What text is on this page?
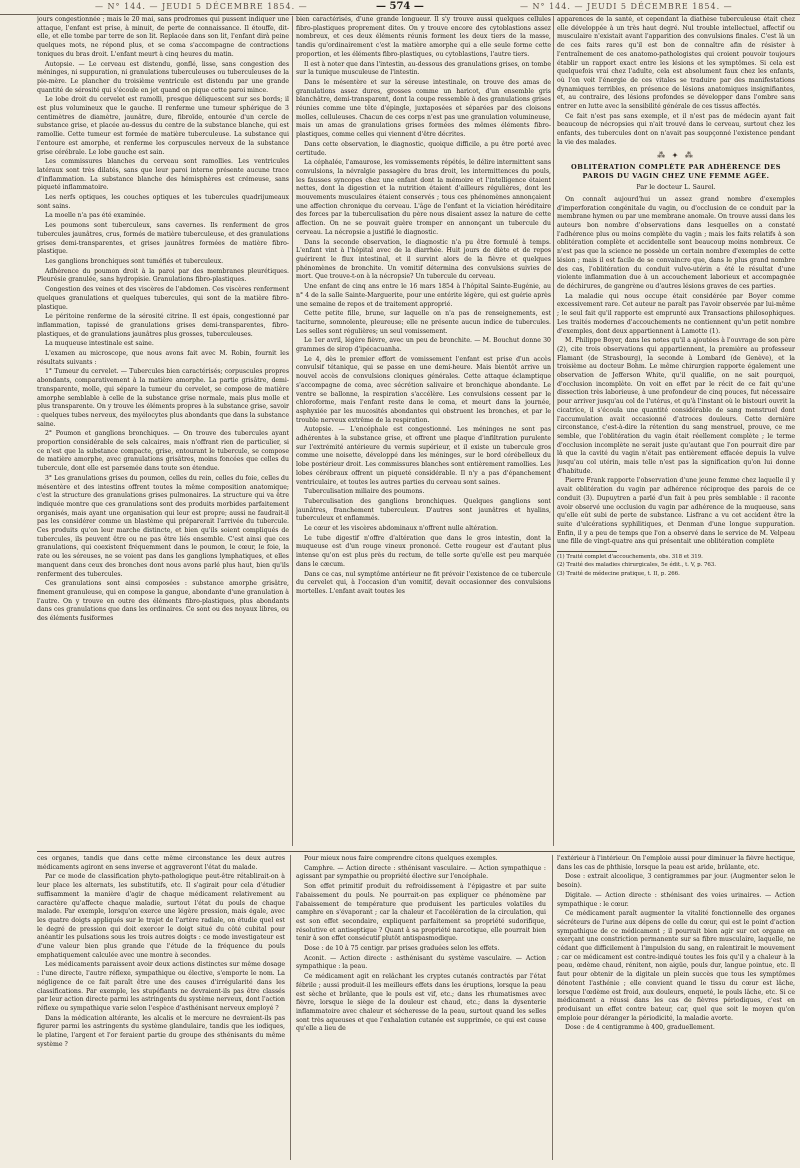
— N° 144. — JEUDI 5 DÉCEMBRE 1854. —	— 574 —	— N° 144. — JEUDI 5 DÉCEMBRE 1854. —

jours congestionnée ; mais le 20 mai, sans prodromes qui pussent indiquer une attaque, l'enfant est prise, à minuit, de perte de connaissance. Il étouffe, dit-elle, et elle tombe par terre de son lit. Replacée dans son lit, l'enfant dirà peine quelques mots, ne répond plus, et se coma s'accompagne de contractions toniques du bras droit. L'enfant meurt à cinq heures du matin.

Autopsie. — Le cerveau est distendu, gonflé, lisse, sans congestion des méninges, ni suppuration, ni granulations tuberculeuses ou tuberculeuses de la pie-mère. Le plancher du troisième ventricule est distendu par une grande quantité de sérosité qui s'écoule en jet quand on pique cette paroi mince.

Le lobe droit du cervelet est ramolli, presque déliquescent sur ses bords; il est plus volumineux que le gauche. Il renferme une tumeur sphérique de 3 centimètres de diamètre, jaunâtre, dure, fibroïde, entourée d'un cercle de substance grise, et placée au-dessus du centre de la substance blanche, qui est ramollie. Cette tumeur est formée de matière tuberculeuse. La substance qui l'entoure est amorphe, et renferme les corpuscules nerveux de la substance grise cérébrale. Le lobe gauche est sain.

Les commissures blanches du cerveau sont ramollies. Les ventricules latéraux sont très dilatés, sans que leur paroi interne présente aucune trace d'inflammation. La substance blanche des hémisphères est crémeuse, sans piqueté inflammatoire.

Les nerfs optiques, les couches optiques et les tubercules quadrijumeaux sont sains.

La moelle n'a pas été examinée.

Les poumons sont tuberculeux, sans cavernes. Ils renferment de gros tubercules jaunâtres, crus, formés de matière tuberculeuse, et des granulations grises demi-transparentes, et grises jaunâtres formées de matière fibro-plastique.

Les ganglions bronchiques sont tuméfiés et tuberculeux.

Adhérence du poumon droit à la paroi par des membranes pleurétiques. Pleurésie granulée, sans hydropisie. Granulations fibro-plastiques.

Congestion des veines et des viscères de l'abdomen. Ces viscères renferment quelques granulations et quelques tubercules, qui sont de la matière fibro-plastique.

Le péritoine renferme de la sérosité citrine. Il est épais, congestionné par inflammation, tapissé de granulations grises demi-transparentes, fibro-plastiques, et de granulations jaunâtres plus grosses, tuberculeuses.

La muqueuse intestinale est saine.

L'examen au microscope, que nous avons fait avec M. Robin, fournit les résultats suivants :

1° Tumeur du cervelet. — Tubercules bien caractérisés; corpuscules propres abondants, comparativement à la matière amorphe. La partie grisâtre, demi-transparente, molle, qui sépare la tumeur du cervelet, se compose de matière amorphe semblable à celle de la substance grise normale, mais plus molle et plus transparente. On y trouve les éléments propres à la substance grise, savoir : quelques tubes nerveux, des myélocytes plus abondants que dans la substance saine.

2° Poumon et ganglions bronchiques. — On trouve des tubercules ayant proportion considérable de sels calcaires, mais n'offrant rien de particulier, si ce n'est que la substance compacte, grise, entourant le tubercule, se compose de matière amorphe, avec granulations grisâtres, moins foncées que celles du tubercule, dont elle est parsemée dans toute son étendue.

3° Les granulations grises du poumon, celles du rein, celles du foie, celles du mésentère et des intestins offrent toutes la même composition anatomique; c'est la structure des granulations grises pulmonaires. La structure qui va être indiquée montre que ces granulations sont des produits morbides parfaitement organisés, mais ayant une organisation qui leur est propre; aussi ne faudrait-il pas les considérer comme un blastème qui préparerait l'arrivée du tubercule. Ces produits qu'on leur marche distincte, et bien qu'ils soient compliqués de tubercules, ils peuvent être ou ne pas être liés ensemble. C'est ainsi que ces granulations, qui coexistent fréquemment dans le poumon, le cœur, le foie, la rate ou les séreuses, ne se voient pas dans les ganglions lymphatiques, et elles manquent dans ceux des bronches dont nous avons parlé plus haut, bien qu'ils renferment des tubercules.

Ces granulations sont ainsi composées : substance amorphe grisâtre, finement granuleuse, qui en compose la gangue, abondante d'une granulation à l'autre. On y trouve en outre des éléments fibro-plastiques, plus abondants dans ces granulations que dans les ordinaires. Ce sont ou des noyaux libres, ou des éléments fusiformes

bien caractérisés, d'une grande longueur. Il s'y trouve aussi quelques cellules fibro-plastiques proprement dites. On y trouve encore des cytoblastions assez nombreux, et ces deux éléments réunis forment les deux tiers de la masse, tandis qu'ordinairement c'est la matière amorphe qui a elle seule forme cette proportion, et les éléments fibro-plastiques, ou cytoblastions, l'autre tiers.

Il est à noter que dans l'intestin, au-dessous des granulations grises, on tombe sur la tunique musculeuse de l'intestin.

Dans le mésentère et sur la séreuse intestinale, on trouve des amas de granulations assez dures, grosses comme un haricot, d'un ensemble gris blanchâtre, demi-transparent, dont la coupe ressemble à des granulations grises réunies comme une tête d'épingle, juxtaposées et séparées par des cloisons molles, celluleuses. Chacun de ces corps n'est pas une granulation volumineuse, mais un amas de granulations grises formées des mêmes éléments fibro-plastiques, comme celles qui viennent d'être décrites.

Dans cette observation, le diagnostic, quoique difficile, a pu être porté avec certitude.

La céphalée, l'amaurose, les vomissements répétés, le délire intermittent sans convulsions, la névralgie passagère du bras droit, les intermittences du pouls, les fausses syncopes chez une enfant dont la mémoire et l'intelligence étaient nettes, dont la digestion et la nutrition étaient d'ailleurs régulières, dont les mouvements musculaires étaient conservés ; tous ces phénomènes annonçaient une affection chronique du cerveau. L'âge de l'enfant et la viciation héréditaire des forces par la tuberculisation du père nous disaient assez la nature de cette affection. On ne se pouvait guère tromper en annonçant un tubercule du cerveau. La nécropsie a justifié le diagnostic.

Dans la seconde observation, le diagnostic n'a pu être formulé à temps. L'enfant vint à l'hôpital avec de la diarrhée. Huit jours de diète et de repos guérirent le flux intestinal, et il survint alors de la fièvre et quelques phénomènes de bronchite. Un vomitif détermina des convulsions suivies de mort. Que trouve-t-on à la nécropsie? Un tubercule du cerveau.

Une enfant de cinq ans entre le 16 mars 1854 à l'hôpital Sainte-Eugénie, au n° 4 de la salle Sainte-Marguerite, pour une entérite légère, qui est guérie après une semaine de repos et de traitement approprié.

Cette petite fille, brune, sur laquelle on n'a pas de renseignements, est taciturne, somnolente, pleureuse; elle ne présente aucun indice de tubercules. Les selles sont régulières; un seul vomissement.

Le 1er avril, légère fièvre, avec un peu de bronchite. — M. Bouchut donne 30 grammes de sirop d'ipécacuanha.

Le 4, dès le premier effort de vomissement l'enfant est prise d'un accès convulsif tétanique, qui se passe en une demi-heure. Mais bientôt arrive un nouvel accès de convulsions cloniques générales. Cette attaque éclamptique s'accompagne de coma, avec sécrétion salivaire et bronchique abondante. Le ventre se ballonne, la respiration s'accélère. Les convulsions cessent par le chloroforme, mais l'enfant reste dans le coma, et meurt dans la journée, asphyxiée par les mucosités abondantes qui obstruent les bronches, et par le trouble nerveux extrême de la respiration.

Autopsie. — L'encéphale est congestionné. Les méninges ne sont pas adhérentes à la substance grise, et offrent une plaque d'infiltration purulente sur l'extrémité antérieure du vermis supérieur, et il existe un tubercule gros comme une noisette, développé dans les méninges, sur le bord cérébelleux du lobe postérieur droit. Les commissures blanches sont entièrement ramollies. Les lobes cérébraux offrent un piqueté considérable. Il n'y a pas d'épanchement ventriculaire, et toutes les autres parties du cerveau sont saines.

Tuberculisation miliaire des poumons.

Tuberculisation des ganglions bronchiques. Quelques ganglions sont jaunâtres, franchement tuberculeux. D'autres sont jaunâtres et hyalins, tuberculeux et enflammés.

Le cœur et les viscères abdominaux n'offrent nulle altération.

Le tube digestif n'offre d'altération que dans le gros intestin, dont la muqueuse est d'un rouge vineux prononcé. Cette rougeur est d'autant plus intense qu'on est plus près du rectum, de telle sorte qu'elle est peu marquée dans le cæcum.

Dans ce cas, nul symptôme antérieur ne fit prévoir l'existence de ce tubercule du cervelet qui, à l'occasion d'un vomitif, devait occasionner des convulsions mortelles. L'enfant avait toutes les

apparences de la santé, et cependant la diathèse tuberculeuse était chez elle développée à un très haut degré. Nul trouble intellectuel, affectif ou musculaire n'existait avant l'apparition des convulsions finales. C'est là un de ces faits rares qu'il est bon de connaître afin de résister à l'entraînement de ces anatomo-pathologistes qui croient pouvoir toujours établir un rapport exact entre les lésions et les symptômes. Si cela est quelquefois vrai chez l'adulte, cela est absolument faux chez les enfants, où l'on voit l'énergie de ces vitales se traduire par des manifestations dynamiques terribles, en présence de lésions anatomiques insignifiantes, et, au contraire, des lésions profondes se développer dans l'ombre sans entrer en lutte avec la sensibilité générale de ces tissus affectés.

Ce fait n'est pas sans exemple, et il n'est pas de médecin ayant fait beaucoup de nécropsies qui n'ait trouvé dans le cerveau, surtout chez les enfants, des tubercules dont on n'avait pas soupçonné l'existence pendant la vie des malades.

⁂ ✦ ⁂
OBLITÉRATION COMPLÈTE PAR ADHÉRENCE DES PAROIS DU VAGIN CHEZ UNE FEMME AGÉE.
Par le docteur L. Saurel.

On connaît aujourd'hui un assez grand nombre d'exemples d'imperforation congénitale du vagin, ou d'occlusion de ce conduit par la membrane hymen ou par une membrane anomale. On trouve aussi dans les auteurs bon nombre d'observations dans lesquelles on a constaté l'adhérence plus ou moins complète du vagin ; mais les faits relatifs à son oblitération complète et accidentelle sont beaucoup moins nombreux. Ce n'est pas que la science ne possède un certain nombre d'exemples de cette lésion ; mais il est facile de se convaincre que, dans le plus grand nombre des cas, l'oblitération du conduit vulvo-utérin a été le résultat d'une violente inflammation due à un accouchement laborieux et accompagnée de déchirures, de gangrène ou d'autres lésions graves de ces parties.

La maladie qui nous occupe était considérée par Boyer comme excessivement rare. Cet auteur ne paraît pas l'avoir observée par lui-même ; le seul fait qu'il rapporte est emprunté aux Transactions philosophiques. Les traités modernes d'accouchements ne contiennent qu'un petit nombre d'exemples, dont deux appartiennent à Lamotte (1).

M. Philippe Boyer, dans les notes qu'il a ajoutées à l'ouvrage de son père (2), cite trois observations qui appartiennent, la première au professeur Flamant (de Strasbourg), la seconde à Lombard (de Genève), et la troisième au docteur Bohm. Le même chirurgien rapporte également une observation de Jefferson White, qu'il qualifie, on ne sait pourquoi, d'occlusion incomplète. On voit en effet par le récit de ce fait qu'une dissection très laborieuse, à une profondeur de cinq pouces, fut nécessaire pour arriver jusqu'au col de l'utérus, et qu'à l'instant où le bistouri ouvrit la cicatrice, il s'écoula une quantité considérable de sang menstruel dont l'accumulation avait occasionné d'atroces douleurs. Cette dernière circonstance, c'est-à-dire la rétention du sang menstruel, prouve, ce me semble, que l'oblitération du vagin était réellement complète ; le terme d'occlusion incomplète ne serait juste qu'autant que l'on pourrait dire par là que la cavité du vagin n'était pas entièrement effacée depuis la vulve jusqu'au col utérin, mais telle n'est pas la signification qu'on lui donne d'habitude.

Pierre Frank rapporte l'observation d'une jeune femme chez laquelle il y avait oblitération du vagin par adhérence réciproque des parois de ce conduit (3). Dupuytren a parlé d'un fait à peu près semblable : il raconte avoir observé une occlusion du vagin par adhérence de la muqueuse, sans qu'elle eût subi de perte de substance. Lisfranc a vu cet accident être la suite d'ulcérations syphilitiques, et Denman d'une longue suppuration. Enfin, il y a peu de temps que l'on a observé dans le service de M. Velpeau une fille de vingt-quatre ans qui présentait une oblitération complète

(1) Traité complet d'accouchements, obs. 318 et 319.

(2) Traité des maladies chirurgicales, 5e édit., t. V, p. 763.

(3) Traité de médecine pratique, t. II, p. 266.

ces organes, tandis que dans cette même circonstance les deux autres médicaments agiront en sens inverse et aggraveront l'état du malade.

Par ce mode de classification phyto-pathologique peut-être rétablirait-on à leur place les alternats, les substitutifs, etc. Il s'agirait pour cela d'étudier suffisamment la manière d'agir de chaque médicament relativement au caractère qu'affecte chaque maladie, surtout l'état du pouls de chaque malade. Par exemple, lorsqu'on exerce une légère pression, mais égale, avec les quatre doigts appliqués sur le trajet de l'artère radiale, on étudie quel est le degré de pression qui doit exercer le doigt situé du côté cubital pour anéantir les pulsations sous les trois autres doigts : ce mode investigateur est d'une valeur bien plus grande que l'étude de la fréquence du pouls emphatiquement calculée avec une montre à secondes.

Les médicaments paraissent avoir deux actions distinctes sur même dosage : l'une directe, l'autre réflexe, sympathique ou élective, s'emporte le nom. La négligence de ce fait paraît être une des causes d'irrégularité dans les classifications. Par exemple, les stupéfiants ne devraient-ils pas être classés par leur action directe parmi les astringents du système nerveux, dont l'action réflexe ou sympathique varie selon l'espèce d'asthénisant nerveux employé ?

Dans la médication altérante, les alcalis et le mercure ne devraient-ils pas figurer parmi les astringents du système glandulaire, tandis que les iodiques, le platine, l'argent et l'or feraient partie du groupe des sthénisants du même système ?

Pour mieux nous faire comprendre citons quelques exemples.

Camphre. — Action directe : sthénisant vasculaire. — Action sympathique : agissant par sympathie ou propriété élective sur l'encéphale.

Son effet primitif produit du refroidissement à l'épigastre et par suite l'abaissement du pouls. Ne pourrait-on pas expliquer ce phénomène par l'abaissement de température que produisent les particules volatiles du camphre en s'évaporant ; car la chaleur et l'accélération de la circulation, qui est son effet secondaire, expliquent parfaitement sa propriété sudorifique, résolutive et antiseptique ? Quant à sa propriété narcotique, elle pourrait bien tenir à son effet consécutif plutôt antispasmodique.

Dose : de 10 à 75 centigr. par prises graduées selon les effets.

Aconit. — Action directe : asthénisant du système vasculaire. — Action sympathique : la peau.

Ce médicament agit en relâchant les cryptes cutanés contractés par l'état fébrile ; aussi produit-il les meilleurs effets dans les éruptions, lorsque la peau est sèche et brûlante, que le pouls est vif, etc.; dans les rhumatismes avec fièvre, lorsque le siège de la douleur est chaud, etc.; dans la dysenterie inflammatoire avec chaleur et sécheresse de la peau, surtout quand les selles sont très aqueuses et que l'exhalation cutanée est supprimée, ce qui est cause qu'elle a lieu de

l'extérieur à l'intérieur. On l'emploie aussi pour diminuer la fièvre hectique, dans les cas de phthisie, lorsque la peau est aride, brûlante, etc.

Dose : extrait alcoolique, 3 centigrammes par jour. (Augmenter selon le besoin).

Digitale. — Action directe : sthénisant des voies urinaires. — Action sympathique : le cœur.

Ce médicament paraît augmenter la vitalité fonctionnelle des organes sécréteurs de l'urine aux dépens de celle du cœur, qui est le point d'action sympathique de ce médicament ; il pourrait bien agir sur cet organe en exerçant une constriction permanente sur sa fibre musculaire, laquelle, ne cédant que difficilement à l'impulsion du sang, en ralentirait le mouvement ; car ce médicament est contre-indiqué toutes les fois qu'il y a chaleur à la peau, œdème chaud, rénitent, non aigüe, pouls dur, langue pointue, etc. Il faut pour obtenir de la digitale un plein succès que tous les symptômes dénotent l'asthénie ; elle convient quand le tissu du cœur est lâche, lorsque l'œdème est froid, aux douleurs, enqueté, le pouls lâche, etc. Si ce médicament a réussi dans les cas de fièvres périodiques, c'est en produisant un effet contre bateur, car, quel que soit le moyen qu'on emploie pour déranger la périodicité, la maladie avorte.

Dose : de 4 centigramme à 400, graduellement.
